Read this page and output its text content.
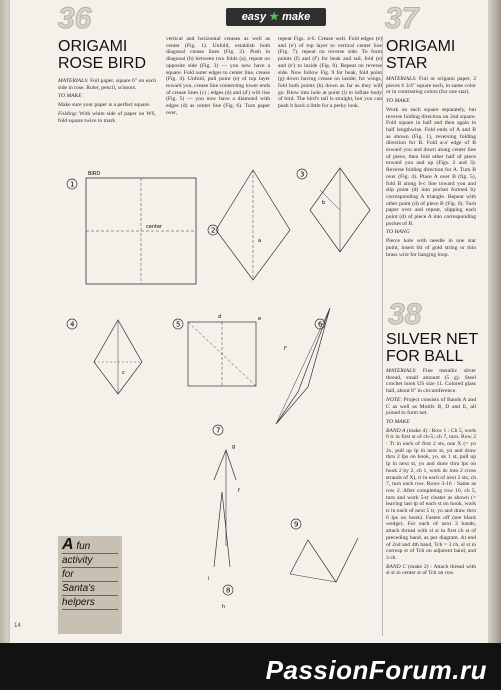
36	easy ★ make	37
ORIGAMI
ROSE BIRD

MATERIALS: Foil paper, square 6" on each side in rose. Ruler, pencil, scissors.

TO MAKE

Make sure your paper is a perfect square.

Folding: With white side of paper on WS, fold square twice to mark

vertical and horizontal creases as well as center (Fig. 1). Unfold, establish both diagonal crease lines (Fig. 2). Push in diagonal (b) between two folds (a), repeat on opposite side (Fig. 3) — you now have a square. Fold outer edges to center line, crease (Fig. 4). Unfold, pull point (e) of top layer toward you, crease line connecting lower ends of crease lines (c) ; edges (d) and (d') will rise (Fig. 5) — you now have a diamond with edges (d) as center line (Fig. 6). Turn paper over,

repeat Figs. 4-6. Crease well. Fold edges (e) and (e') of top layer to vertical center line (Fig. 7), repeat on reverse side. To form points (f) and (f') for beak and tail, fold (e) and (e') to inside (Fig. 8). Repeat on reverse side. Now follow Fig. 9 for beak, fold point (g) down having crease on inside; for wings, fold both points (h) down as far as they will go. Blow into hole at point (i) to inflate body of bird. The bird's tail is straight, but you can push it back a little for a perky look.

ORIGAMI
STAR

MATERIALS: Foil or origami paper, 2 pieces 6 3/4" square each, in same color or in contrasting colors (for one star).

TO MAKE

Work on each square separately, but reverse folding direction on 2nd square. Fold square in half and then again in half lengthwise. Fold ends of A and B as shown (Fig. 1), reversing folding direction for B. Fold a-a' edge of B toward you and down along center line of piece, then fold other half of piece toward you and up (Figs. 2 and 3). Reverse folding direction for A. Turn B over (Fig. 4). Place A over B (fig. 5), fold B along b-c line toward you and slip point (d) into pocket formed by corresponding A triangle. Repeat with other point (d) of piece B (Fig. 6). Turn paper over and repeat, slipping each point (d) of piece A into corresponding pocket of B.

TO HANG

Pierce hole with needle in one star point, insert bit of gold string or thin brass wire for hanging loop.

38
SILVER NET
FOR BALL

MATERIALS: Fine metallic silver thread, small amount (5 g). Steel crochet hook US size 11. Colored glass ball, about 8" in circumference.

NOTE: Project consists of Bands A and C as well as Motifs B, D and E, all joined to form net.

TO MAKE

BAND A (make 4) : Row 1 : Ch 5, work 6 tr in first st of ch-5; ch 7, turn. Row 2 : Tr in each of first 2 sts, one X (= yo 2x, pull up lp in next st, yo and draw thru 2 lps on hook, yo, sk 1 st, pull up lp in next st, yo and draw thru lps on hook 2 by 2, ch 1, work dc into 2 cross strands of X), tr in each of next 2 sts; ch 7, turn each row. Rows 3-16 : Same as row 2. After completing row 16, ch 5, turn and work 5-tr cluster as shown (= leaving last lp of each st on hook, work tr in each of next 5 tr, yo and draw thru 6 lps on hook). Fasten off (see black wedge). For each of next 3 bands, attach thread with sl st in first ch st of preceding band, as per diagram. At end of 2nd and 4th band, Tch = 3 ch, sl st in corresp st of Tch on adjacent band, and 3 ch.

BAND C (make 2) : Attach thread with sl st in center st of Tch on row

1
BIRD
center	2
a
3
b
4
c
5
d	e
6
f'
7
g
f
8
i
h
9
A fun
activity
for
Santa's
helpers
14
PassionForum.ru
